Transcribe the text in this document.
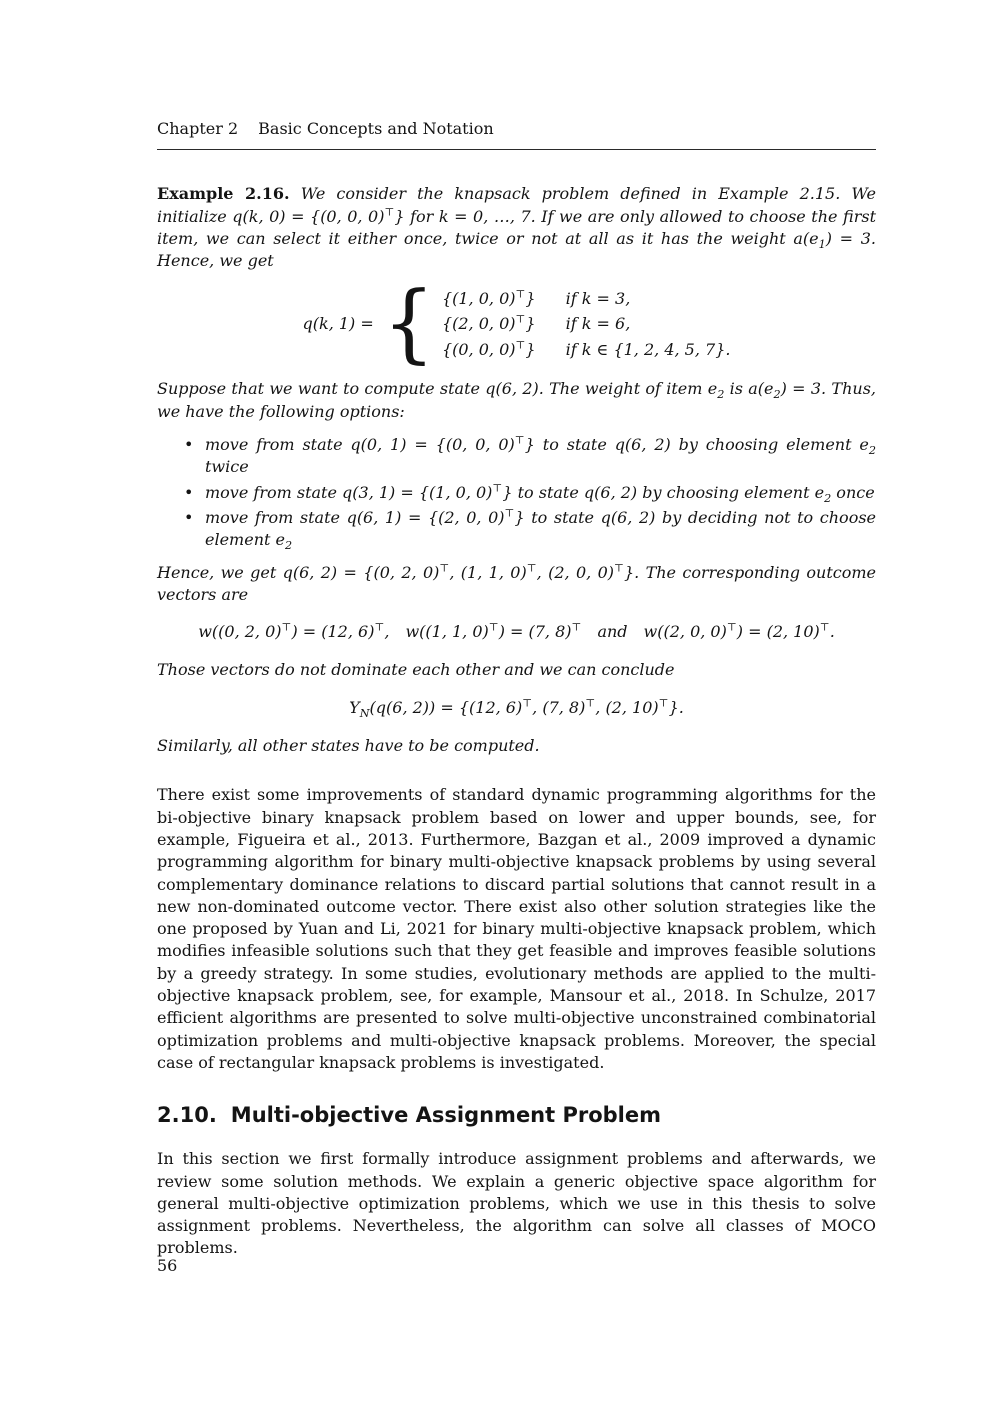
Chapter 2 Basic Concepts and Notation

Example 2.16. We consider the knapsack problem defined in Example 2.15. We initialize q(k, 0) = {(0, 0, 0)⊤} for k = 0, …, 7. If we are only allowed to choose the first item, we can select it either once, twice or not at all as it has the weight $a(e_1) = 3$. Hence, we get

q(k, 1) = { {(1, 0, 0)⊤} if k = 3,
{(2, 0, 0)⊤} if k = 6,
{(0, 0, 0)⊤} if k ∈ {1, 2, 4, 5, 7}.

Suppose that we want to compute state q(6, 2). The weight of item $e_2$ is $a(e_2) = 3$. Thus, we have the following options:

• move from state q(0, 1) = {(0, 0, 0)⊤} to state q(6, 2) by choosing element $e_2$ twice
• move from state q(3, 1) = {(1, 0, 0)⊤} to state q(6, 2) by choosing element $e_2$ once
• move from state q(6, 1) = {(2, 0, 0)⊤} to state q(6, 2) by deciding not to choose element $e_2$

Hence, we get q(6, 2) = {(0, 2, 0)⊤, (1, 1, 0)⊤, (2, 0, 0)⊤}. The corresponding outcome vectors are

w((0, 2, 0)⊤) = (12, 6)⊤, w((1, 1, 0)⊤) = (7, 8)⊤ and w((2, 0, 0)⊤) = (2, 10)⊤.

Those vectors do not dominate each other and we can conclude

$Y_N(q(6$, 2)) = {(12, 6)⊤, (7, 8)⊤, (2, 10)⊤}.

Similarly, all other states have to be computed.

There exist some improvements of standard dynamic programming algorithms for the bi-objective binary knapsack problem based on lower and upper bounds, see, for example, Figueira et al., 2013. Furthermore, Bazgan et al., 2009 improved a dynamic programming algorithm for binary multi-objective knapsack problems by using several complementary dominance relations to discard partial solutions that cannot result in a new non-dominated outcome vector. There exist also other solution strategies like the one proposed by Yuan and Li, 2021 for binary multi-objective knapsack problem, which modifies infeasible solutions such that they get feasible and improves feasible solutions by a greedy strategy. In some studies, evolutionary methods are applied to the multi-objective knapsack problem, see, for example, Mansour et al., 2018. In Schulze, 2017 efficient algorithms are presented to solve multi-objective unconstrained combinatorial optimization problems and multi-objective knapsack problems. Moreover, the special case of rectangular knapsack problems is investigated.

2.10. Multi-objective Assignment Problem

In this section we first formally introduce assignment problems and afterwards, we review some solution methods. We explain a generic objective space algorithm for general multi-objective optimization problems, which we use in this thesis to solve assignment problems. Nevertheless, the algorithm can solve all classes of MOCO problems.

56
